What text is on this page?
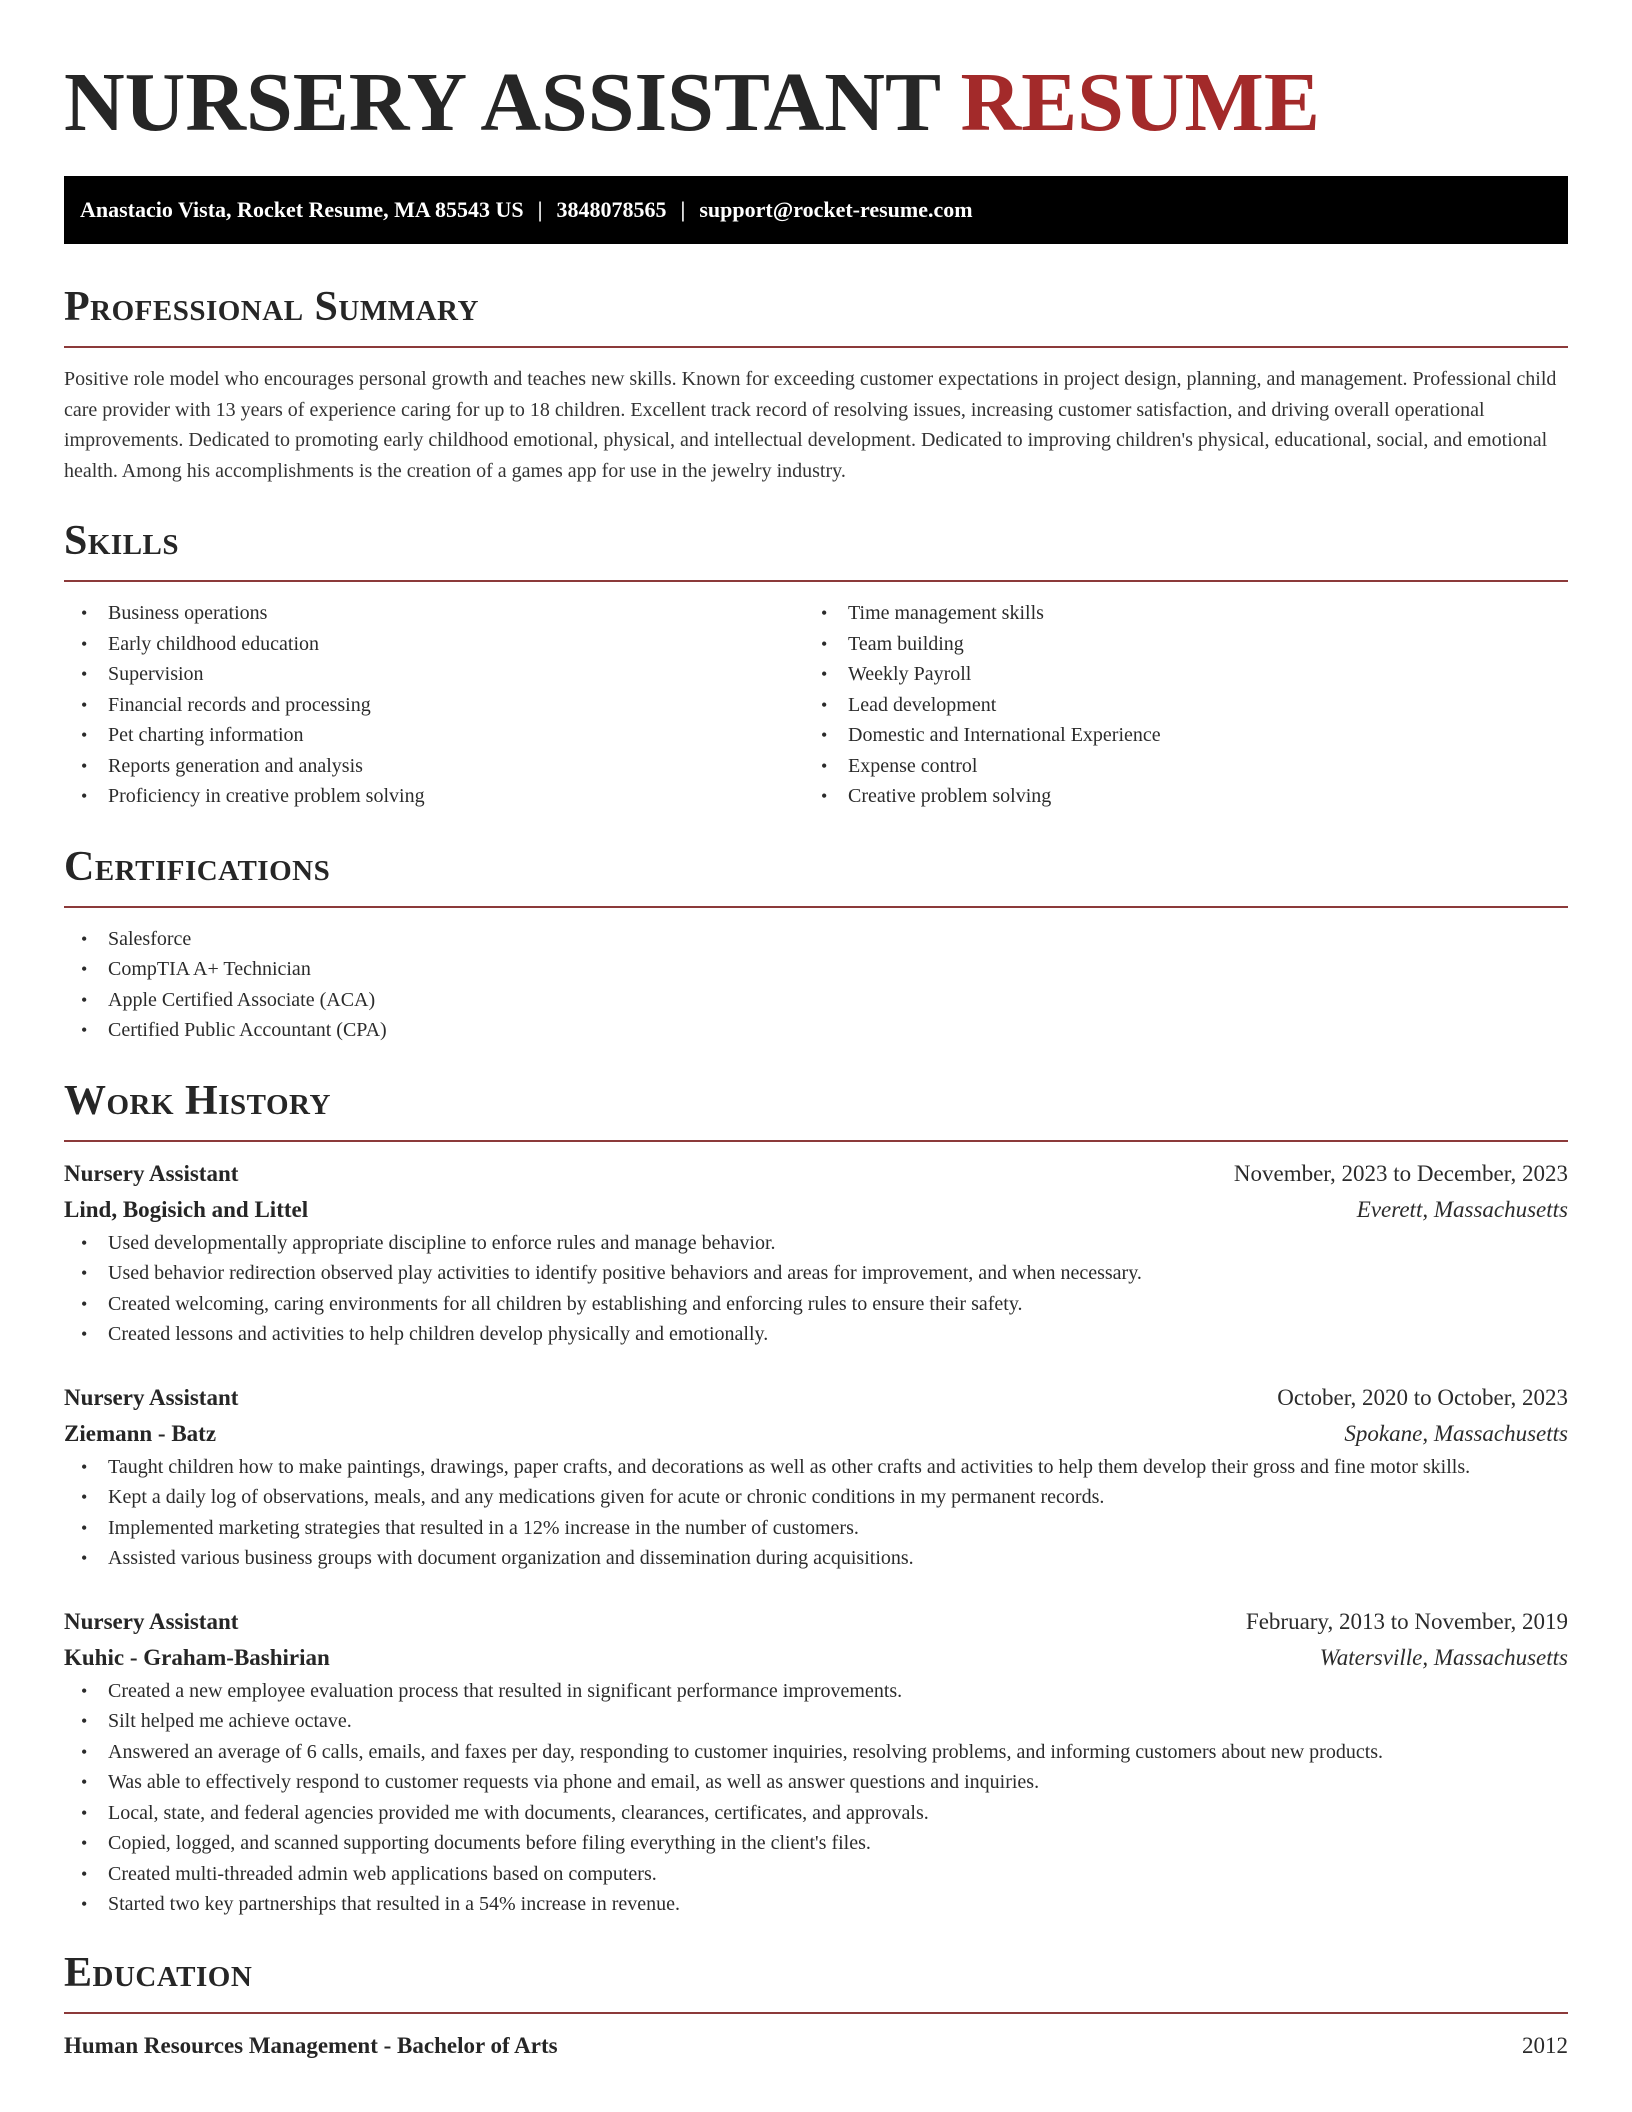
NURSERY ASSISTANT RESUME
Anastacio Vista, Rocket Resume, MA 85543 US | 3848078565 | support@rocket-resume.com
Professional Summary

Positive role model who encourages personal growth and teaches new skills. Known for exceeding customer expectations in project design, planning, and management. Professional child care provider with 13 years of experience caring for up to 18 children. Excellent track record of resolving issues, increasing customer satisfaction, and driving overall operational improvements. Dedicated to promoting early childhood emotional, physical, and intellectual development. Dedicated to improving children's physical, educational, social, and emotional health. Among his accomplishments is the creation of a games app for use in the jewelry industry.

Skills
• Business operations
• Early childhood education
• Supervision
• Financial records and processing
• Pet charting information
• Reports generation and analysis
• Proficiency in creative problem solving
• Time management skills
• Team building
• Weekly Payroll
• Lead development
• Domestic and International Experience
• Expense control
• Creative problem solving
Certifications
• Salesforce
• CompTIA A+ Technician
• Apple Certified Associate (ACA)
• Certified Public Accountant (CPA)
Work History
Nursery Assistant	November, 2023 to December, 2023
Lind, Bogisich and Littel	Everett, Massachusetts
• Used developmentally appropriate discipline to enforce rules and manage behavior.
• Used behavior redirection observed play activities to identify positive behaviors and areas for improvement, and when necessary.
• Created welcoming, caring environments for all children by establishing and enforcing rules to ensure their safety.
• Created lessons and activities to help children develop physically and emotionally.
Nursery Assistant	October, 2020 to October, 2023
Ziemann - Batz	Spokane, Massachusetts
• Taught children how to make paintings, drawings, paper crafts, and decorations as well as other crafts and activities to help them develop their gross and fine motor skills.
• Kept a daily log of observations, meals, and any medications given for acute or chronic conditions in my permanent records.
• Implemented marketing strategies that resulted in a 12% increase in the number of customers.
• Assisted various business groups with document organization and dissemination during acquisitions.
Nursery Assistant	February, 2013 to November, 2019
Kuhic - Graham-Bashirian	Watersville, Massachusetts
• Created a new employee evaluation process that resulted in significant performance improvements.
• Silt helped me achieve octave.
• Answered an average of 6 calls, emails, and faxes per day, responding to customer inquiries, resolving problems, and informing customers about new products.
• Was able to effectively respond to customer requests via phone and email, as well as answer questions and inquiries.
• Local, state, and federal agencies provided me with documents, clearances, certificates, and approvals.
• Copied, logged, and scanned supporting documents before filing everything in the client's files.
• Created multi-threaded admin web applications based on computers.
• Started two key partnerships that resulted in a 54% increase in revenue.
Education
Human Resources Management - Bachelor of Arts	2012
